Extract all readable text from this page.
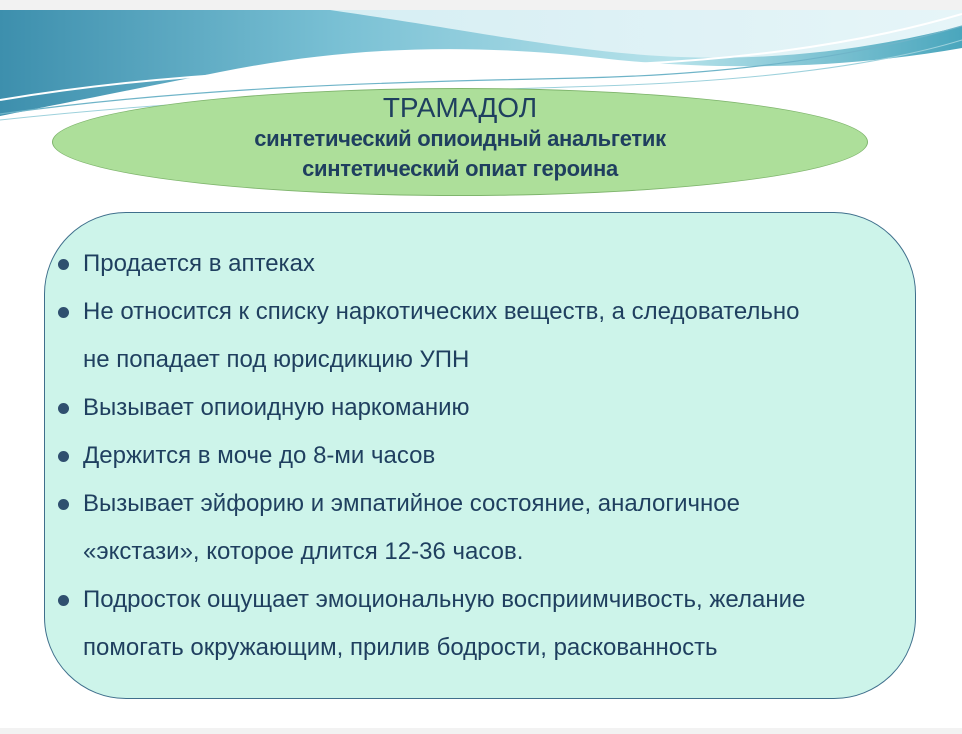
ТРАМАДОЛ
синтетический опиоидный анальгетик
синтетический опиат героина
Продается в аптеках
Не относится к списку наркотических веществ, а следовательно
не попадает под юрисдикцию УПН
Вызывает опиоидную наркоманию
Держится в моче до 8-ми часов
Вызывает эйфорию и эмпатийное состояние, аналогичное
«экстази», которое длится 12-36 часов.
Подросток ощущает эмоциональную восприимчивость, желание
помогать окружающим, прилив бодрости, раскованность
